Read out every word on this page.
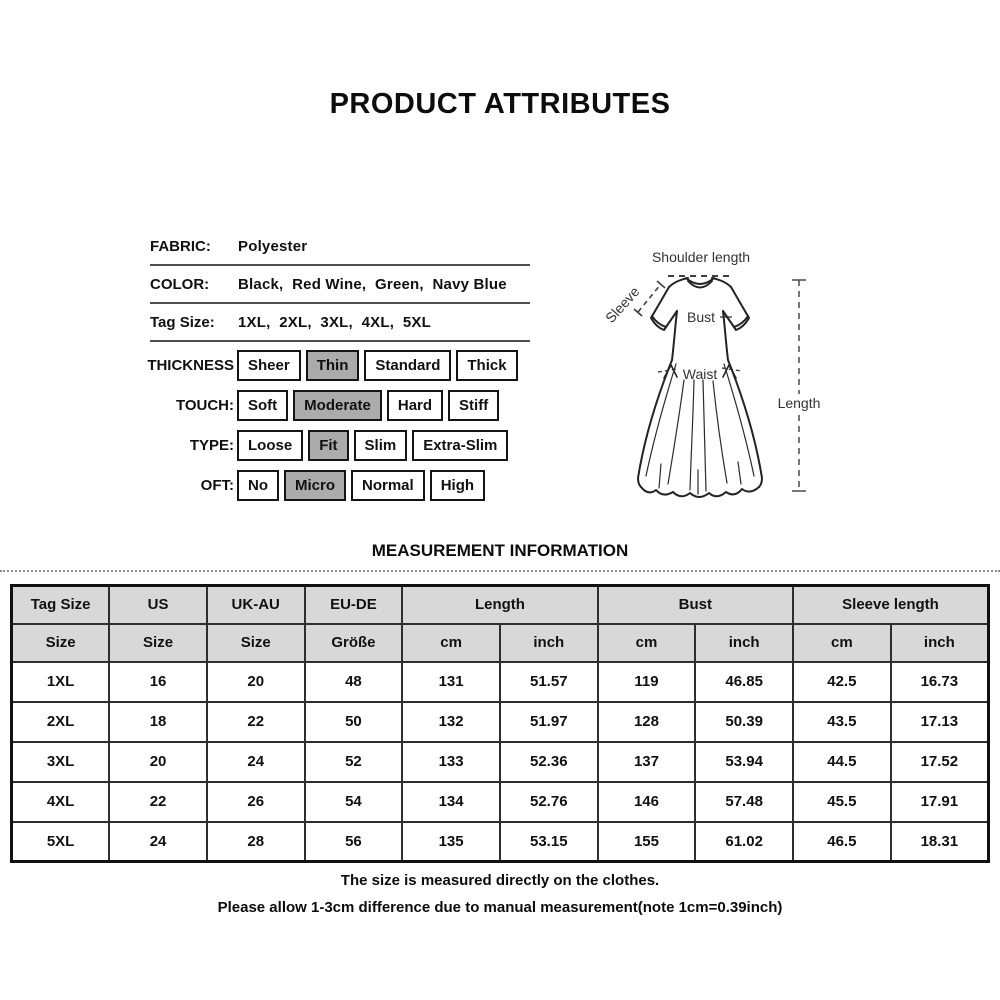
PRODUCT ATTRIBUTES
FABRIC:	Polyester
COLOR:	Black,  Red Wine,  Green,  Navy Blue
Tag Size:	1XL,  2XL,  3XL,  4XL,  5XL
THICKNESS Sheer	Thin	Standard	Thick
TOUCH: Soft	Moderate	Hard	Stiff
TYPE: Loose	Fit	Slim	Extra-Slim
OFT: No	Micro	Normal	High
Shoulder length
Sleeve	Bust
Waist
Length
MEASUREMENT INFORMATION
Tag Size	US	UK-AU	EU-DE	Length		Bust		Sleeve length	
Size	Size	Size	Größe	cm	inch	cm	inch	cm	inch
1XL	16	20	48	131	51.57	119	46.85	42.5	16.73
2XL	18	22	50	132	51.97	128	50.39	43.5	17.13
3XL	20	24	52	133	52.36	137	53.94	44.5	17.52
4XL	22	26	54	134	52.76	146	57.48	45.5	17.91
5XL	24	28	56	135	53.15	155	61.02	46.5	18.31
The size is measured directly on the clothes.
Please allow 1-3cm difference due to manual measurement(note 1cm=0.39inch)
